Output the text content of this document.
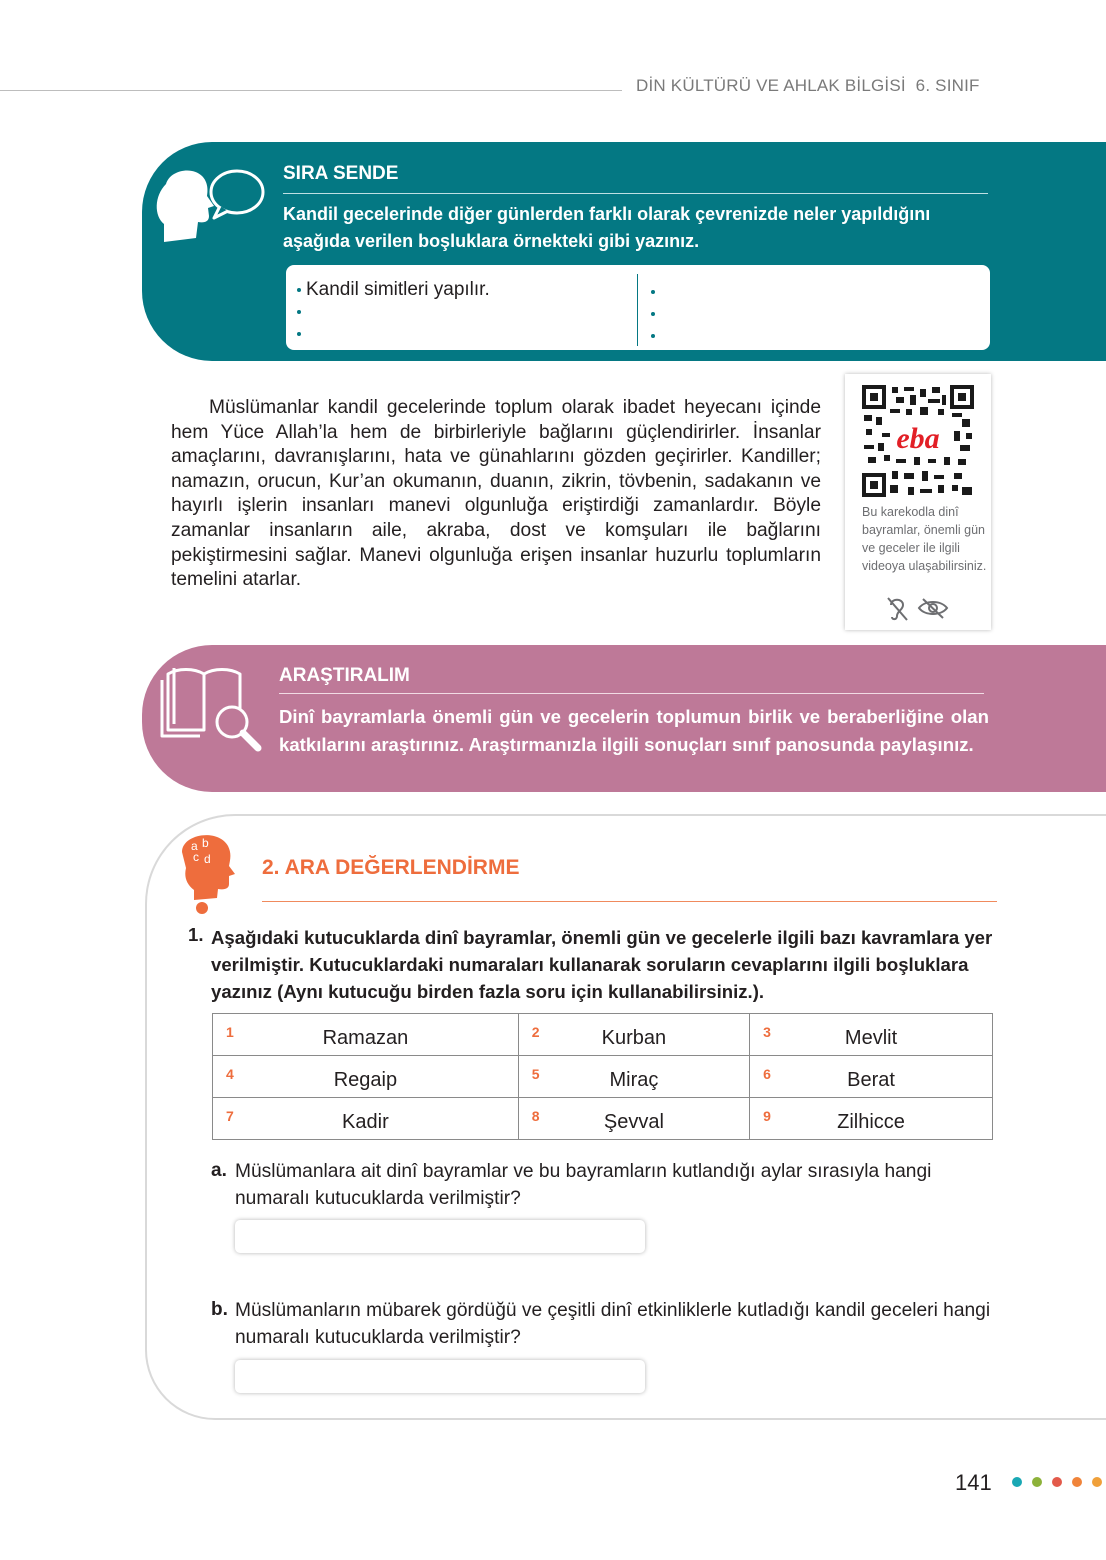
DİN KÜLTÜRÜ VE AHLAK BİLGİSİ 6. SINIF
SIRA SENDE
Kandil gecelerinde diğer günlerden farklı olarak çevrenizde neler yapıldığını aşağıda verilen boşluklara örnekteki gibi yazınız.
Kandil simitleri yapılır.

Müslümanlar kandil gecelerinde toplum olarak ibadet heyecanı içinde hem Yüce Allah’la hem de birbirleriyle bağlarını güçlendirirler. İnsanlar amaçlarını, davranışlarını, hata ve günahlarını gözden geçirirler. Kandiller; namazın, orucun, Kur’an okumanın, duanın, zikrin, tövbenin, sadakanın ve hayırlı işlerin insanları manevi olgunluğa eriştirdiği zamanlardır. Böyle zamanlar insanların aile, akraba, dost ve komşuları ile bağlarını pekiştirmesini sağlar. Manevi olgunluğa erişen insanlar huzurlu toplumların temelini atarlar.

eba
Bu karekodla dinî bayramlar, önemli gün ve geceler ile ilgili videoya ulaşabilirsiniz.
ARAŞTIRALIM
Dinî bayramlarla önemli gün ve gecelerin toplumun birlik ve beraberliğine olan katkılarını araştırınız. Araştırmanızla ilgili sonuçları sınıf panosunda paylaşınız.
a b
c d 2. ARA DEĞERLENDİRME
1. Aşağıdaki kutucuklarda dinî bayramlar, önemli gün ve gecelerle ilgili bazı kavramlara yer verilmiştir. Kutucuklardaki numaraları kullanarak soruların cevaplarını ilgili boşluklara yazınız (Aynı kutucuğu birden fazla soru için kullanabilirsiniz.).
1 Ramazan	2 Kurban	3 Mevlit

4 Regaip	5 Miraç	6 Berat

7 Kadir	8 Şevval	9 Zilhicce
a. Müslümanlara ait dinî bayramlar ve bu bayramların kutlandığı aylar sırasıyla hangi numaralı kutucuklarda verilmiştir?
b. Müslümanların mübarek gördüğü ve çeşitli dinî etkinliklerle kutladığı kandil geceleri hangi numaralı kutucuklarda verilmiştir?
141
